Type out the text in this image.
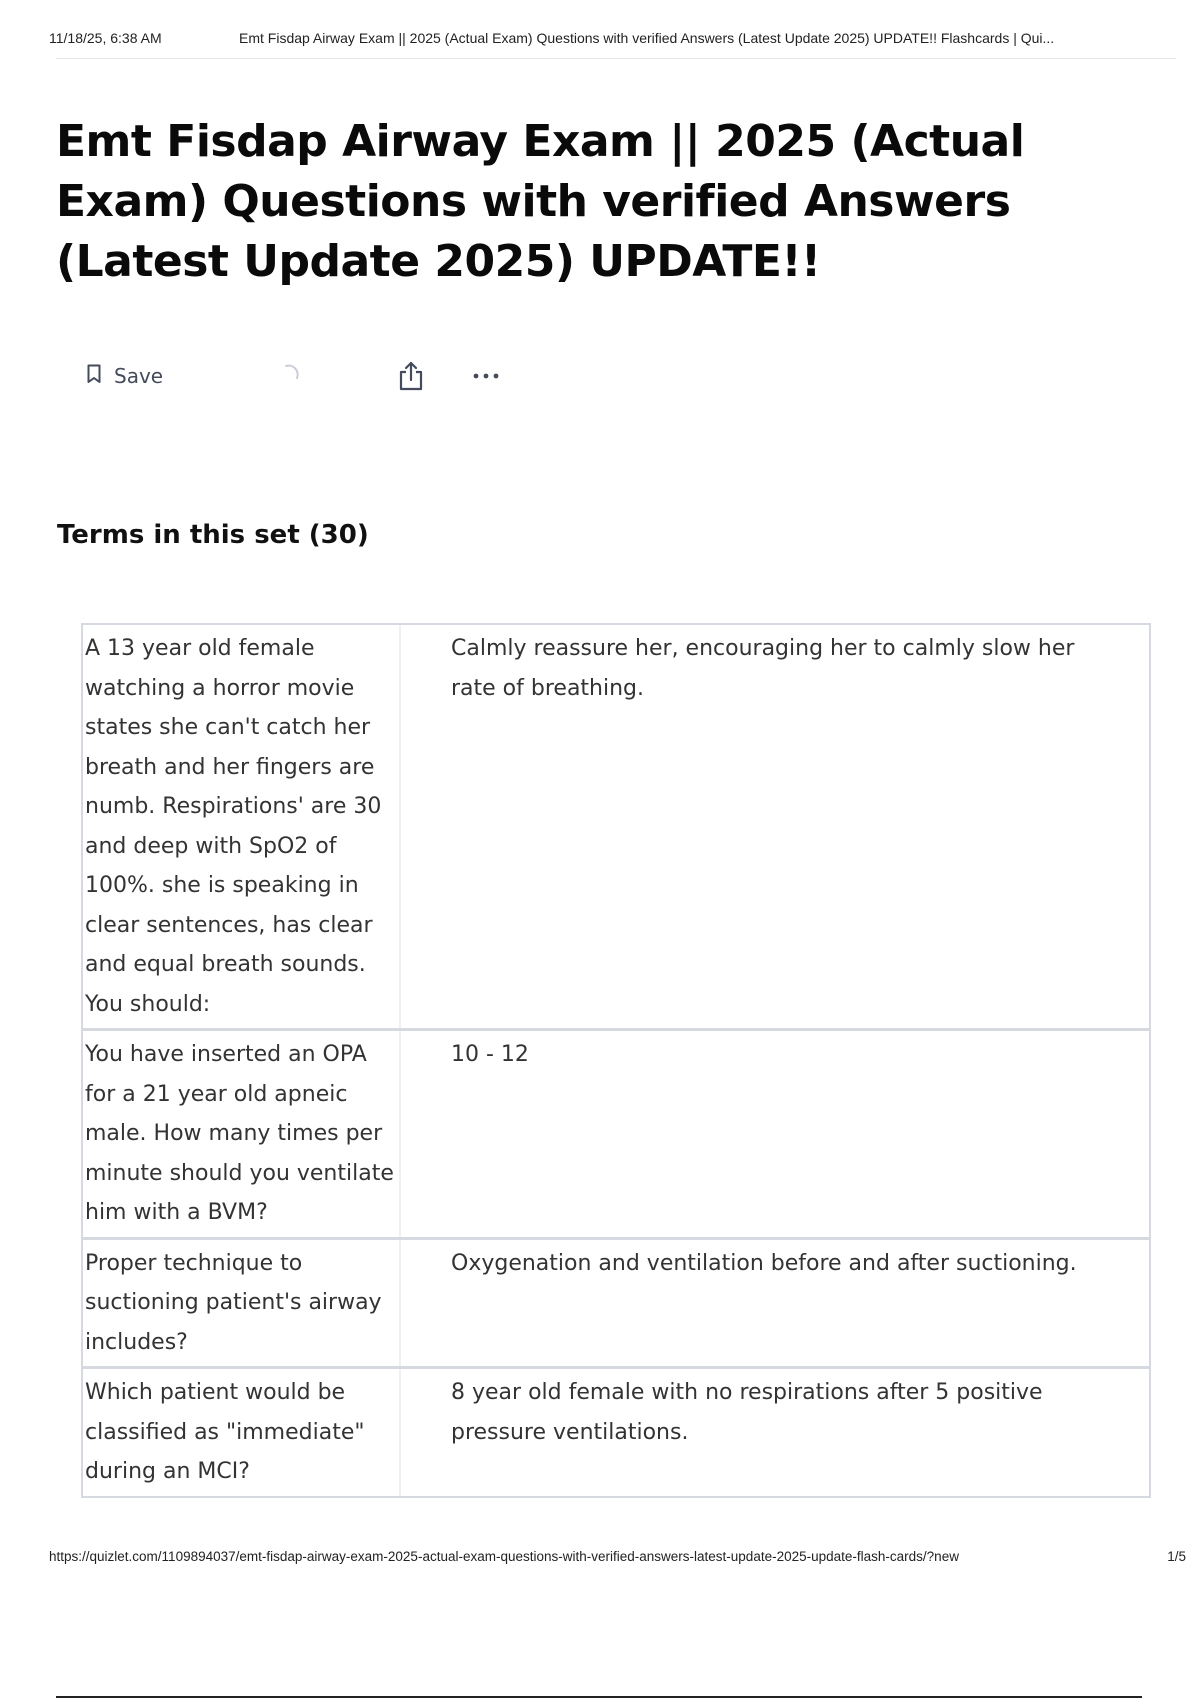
11/18/25, 6:38 AM	Emt Fisdap Airway Exam || 2025 (Actual Exam) Questions with verified Answers (Latest Update 2025) UPDATE!! Flashcards | Qui...
Emt Fisdap Airway Exam || 2025 (Actual Exam) Questions with verified Answers (Latest Update 2025) UPDATE!!
Save
Terms in this set (30)
A 13 year old female watching a horror movie states she can't catch her breath and her fingers are numb. Respirations' are 30 and deep with SpO2 of 100%. she is speaking in clear sentences, has clear and equal breath sounds. You should:
Calmly reassure her, encouraging her to calmly slow her rate of breathing.
You have inserted an OPA for a 21 year old apneic male. How many times per minute should you ventilate him with a BVM?
10 - 12
Proper technique to suctioning patient's airway includes?
Oxygenation and ventilation before and after suctioning.
Which patient would be classified as "immediate" during an MCI?
8 year old female with no respirations after 5 positive pressure ventilations.
https://quizlet.com/1109894037/emt-fisdap-airway-exam-2025-actual-exam-questions-with-verified-answers-latest-update-2025-update-flash-cards/?new	1/5
